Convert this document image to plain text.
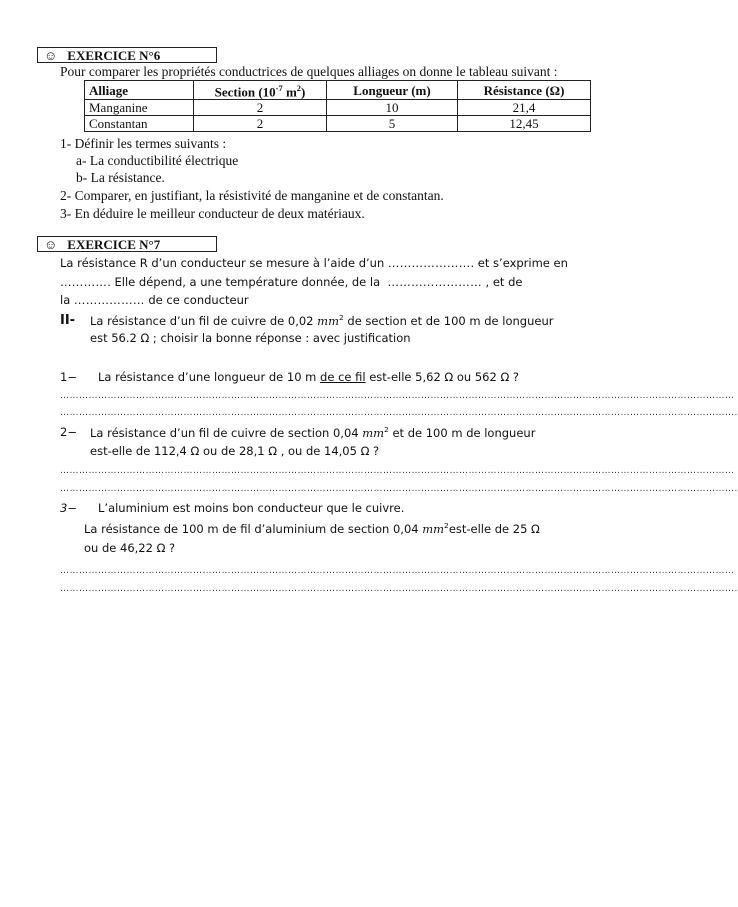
☺ EXERCICE N°6
Pour comparer les propriétés conductrices de quelques alliages on donne le tableau suivant :
Alliage	Section ($10^{-7}$ $m^2$)	Longueur (m)	Résistance (Ω)
Manganine	2	10	21,4
Constantan	2	5	12,45
1- Définir les termes suivants :
a- La conductibilité électrique
b- La résistance.
2- Comparer, en justifiant, la résistivité de manganine et de constantan.
3- En déduire le meilleur conducteur de deux matériaux.
☺ EXERCICE N°7
La résistance R d’un conducteur se mesure à l’aide d’un …………………. et s’exprime en
…………. Elle dépend, a une température donnée, de la …………………… , et de
la ……………… de ce conducteur
II- La résistance d’un fil de cuivre de 0,02 $mm^2$ de section et de 100 m de longueur
est 56.2 Ω ; choisir la bonne réponse : avec justification
1− La résistance d’une longueur de 10 m de ce fil est-elle 5,62 Ω ou 562 Ω ?
……………………………………………………………………………………………………………………………………………………………………………………………
…………………………………………………………………………………………………………………………………………………………………………………………….
2− La résistance d’un fil de cuivre de section 0,04 $mm^2$ et de 100 m de longueur
est-elle de 112,4 Ω ou de 28,1 Ω , ou de 14,05 Ω ?
……………………………………………………………………………………………………………………………………………………………………………………………
…………………………………………………………………………………………………………………………………………………………………………………………….
3− L’aluminium est moins bon conducteur que le cuivre.
La résistance de 100 m de fil d’aluminium de section 0,04 $mm^2est$-elle de 25 Ω
ou de 46,22 Ω ?
……………………………………………………………………………………………………………………………………………………………………………………………
…………………………………………………………………………………………………………………………………………………………………………………………….
